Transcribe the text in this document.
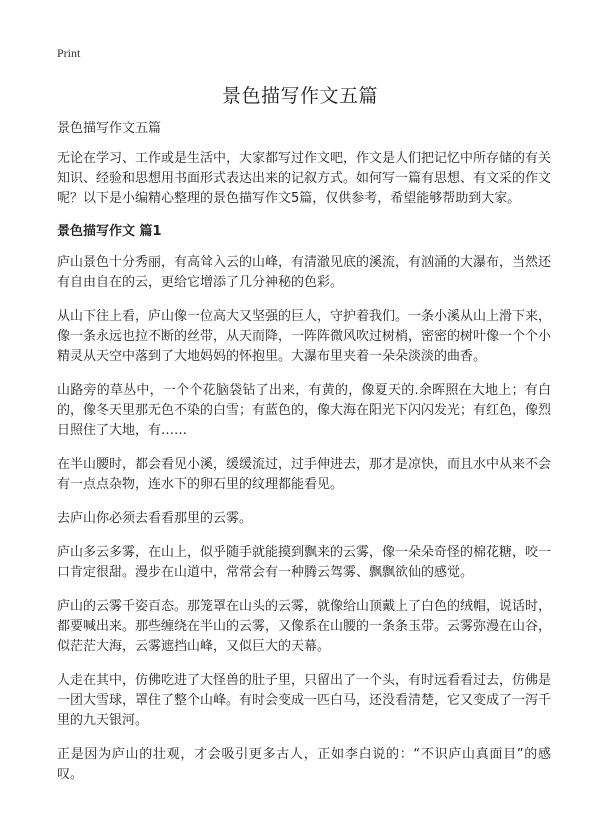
Print
景色描写作文五篇
景色描写作文五篇

无论在学习、工作或是生活中，大家都写过作文吧，作文是人们把记忆中所存储的有关知识、经验和思想用书面形式表达出来的记叙方式。如何写一篇有思想、有文采的作文呢？以下是小编精心整理的景色描写作文5篇，仅供参考，希望能够帮助到大家。

景色描写作文 篇1

庐山景色十分秀丽，有高耸入云的山峰，有清澈见底的溪流，有汹涌的大瀑布，当然还有自由自在的云，更给它增添了几分神秘的色彩。

从山下往上看，庐山像一位高大又坚强的巨人，守护着我们。一条小溪从山上滑下来，像一条永远也拉不断的丝带，从天而降，一阵阵微风吹过树梢，密密的树叶像一个个小精灵从天空中落到了大地妈妈的怀抱里。大瀑布里夹着一朵朵淡淡的曲香。

山路旁的草丛中，一个个花脑袋钻了出来，有黄的，像夏天的.余晖照在大地上；有白的，像冬天里那无色不染的白雪；有蓝色的，像大海在阳光下闪闪发光；有红色，像烈日照住了大地，有……

在半山腰时，都会看见小溪，缓缓流过，过手伸进去，那才是凉快，而且水中从来不会有一点点杂物，连水下的卵石里的纹理都能看见。

去庐山你必须去看看那里的云雾。

庐山多云多雾，在山上，似乎随手就能摸到飘来的云雾，像一朵朵奇怪的棉花糖，咬一口肯定很甜。漫步在山道中，常常会有一种腾云驾雾、飘飘欲仙的感觉。

庐山的云雾千姿百态。那笼罩在山头的云雾，就像给山顶戴上了白色的绒帽，说话时，都要喊出来。那些缠绕在半山的云雾，又像系在山腰的一条条玉带。云雾弥漫在山谷，似茫茫大海，云雾遮挡山峰，又似巨大的天幕。

人走在其中，仿佛吃进了大怪兽的肚子里，只留出了一个头，有时远看看过去，仿佛是一团大雪球，罩住了整个山峰。有时会变成一匹白马，还没看清楚，它又变成了一泻千里的九天银河。

正是因为庐山的壮观，才会吸引更多古人，正如李白说的：“不识庐山真面目”的感叹。
